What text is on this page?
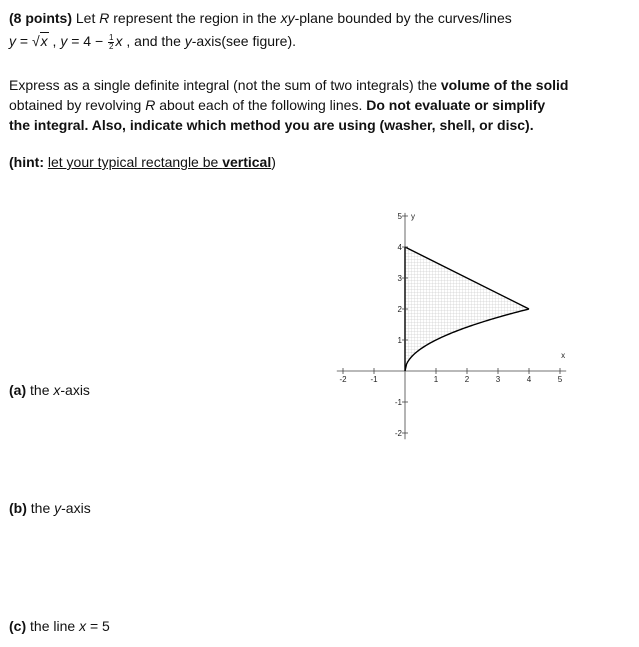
(8 points) Let R represent the region in the xy-plane bounded by the curves/lines
y = √x , $y = 4 - \frac{1}{2}$ x , and the y-axis(see figure).
Express as a single definite integral (not the sum of two integrals) the volume of the solid
obtained by revolving R about each of the following lines. Do not evaluate or simplify
the integral. Also, indicate which method you are using (washer, shell, or disc).
(hint: let your typical rectangle be vertical)
(a) the x-axis
(b) the y-axis
(c) the line x = 5
-2	-1	1	2	3	4	5
5
4
3
2
1
-1
-2
x
y
